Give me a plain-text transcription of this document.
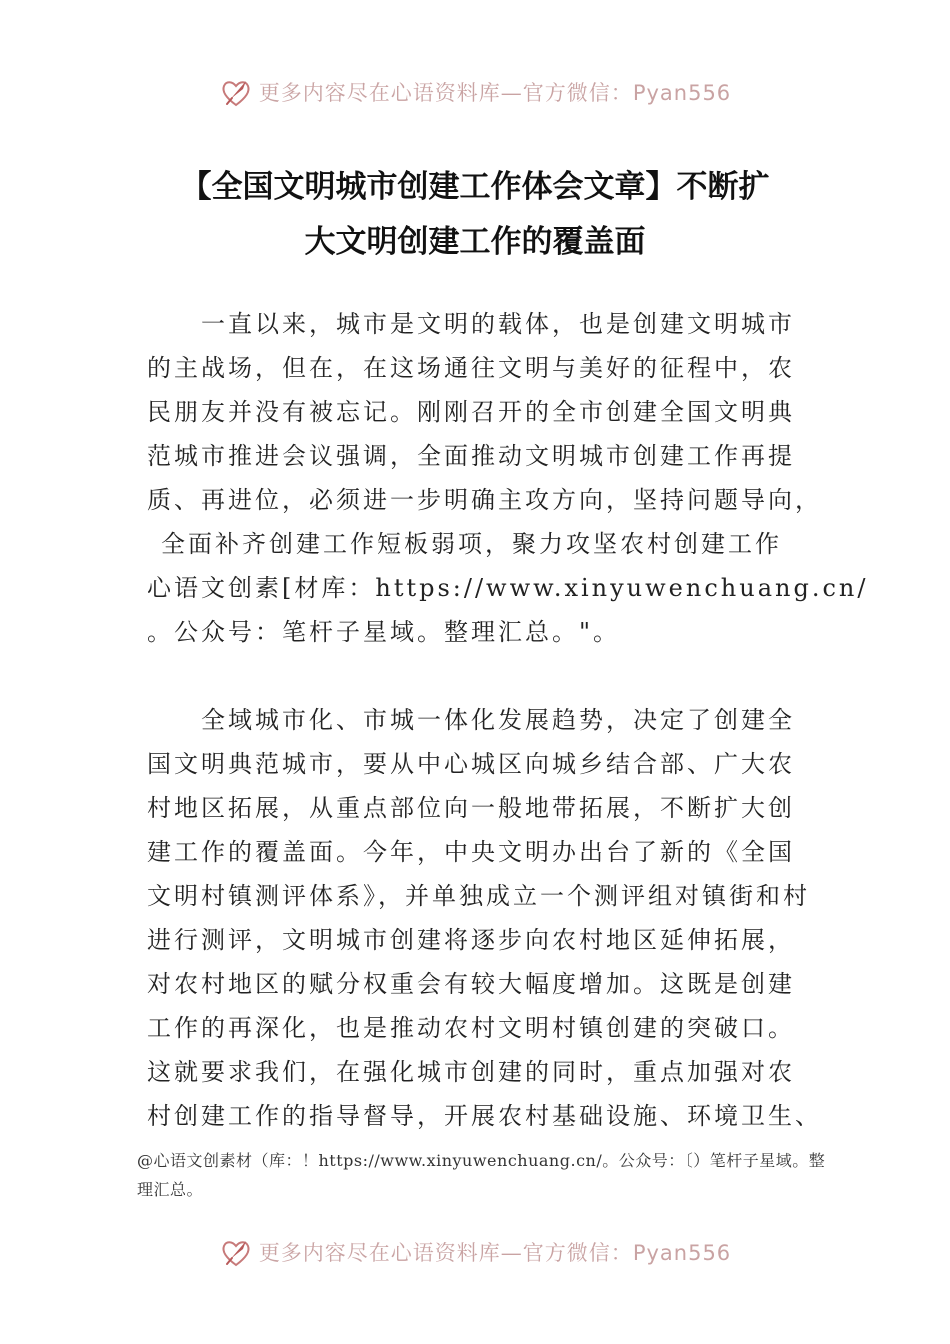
更多内容尽在心语资料库—官方微信：Pyan556
【全国文明城市创建工作体会文章】不断扩
大文明创建工作的覆盖面

一直以来，城市是文明的载体，也是创建文明城市
的主战场，但在，在这场通往文明与美好的征程中，农
民朋友并没有被忘记。刚刚召开的全市创建全国文明典
范城市推进会议强调，全面推动文明城市创建工作再提
质、再进位，必须进一步明确主攻方向，坚持问题导向，
全面补齐创建工作短板弱项，聚力攻坚农村创建工作
心语文创素[材库：https://www.xinyuwenchuang.cn/
。公众号：笔杆子星域。整理汇总。"。

全域城市化、市城一体化发展趋势，决定了创建全
国文明典范城市，要从中心城区向城乡结合部、广大农
村地区拓展，从重点部位向一般地带拓展，不断扩大创
建工作的覆盖面。今年，中央文明办出台了新的《全国
文明村镇测评体系》，并单独成立一个测评组对镇街和村
进行测评，文明城市创建将逐步向农村地区延伸拓展，
对农村地区的赋分权重会有较大幅度增加。这既是创建
工作的再深化，也是推动农村文明村镇创建的突破口。
这就要求我们，在强化城市创建的同时，重点加强对农
村创建工作的指导督导，开展农村基础设施、环境卫生、

@心语文创素材（库：！https://www.xinyuwenchuang.cn/。公众号：〔）笔杆子星域。整
理汇总。
更多内容尽在心语资料库—官方微信：Pyan556
